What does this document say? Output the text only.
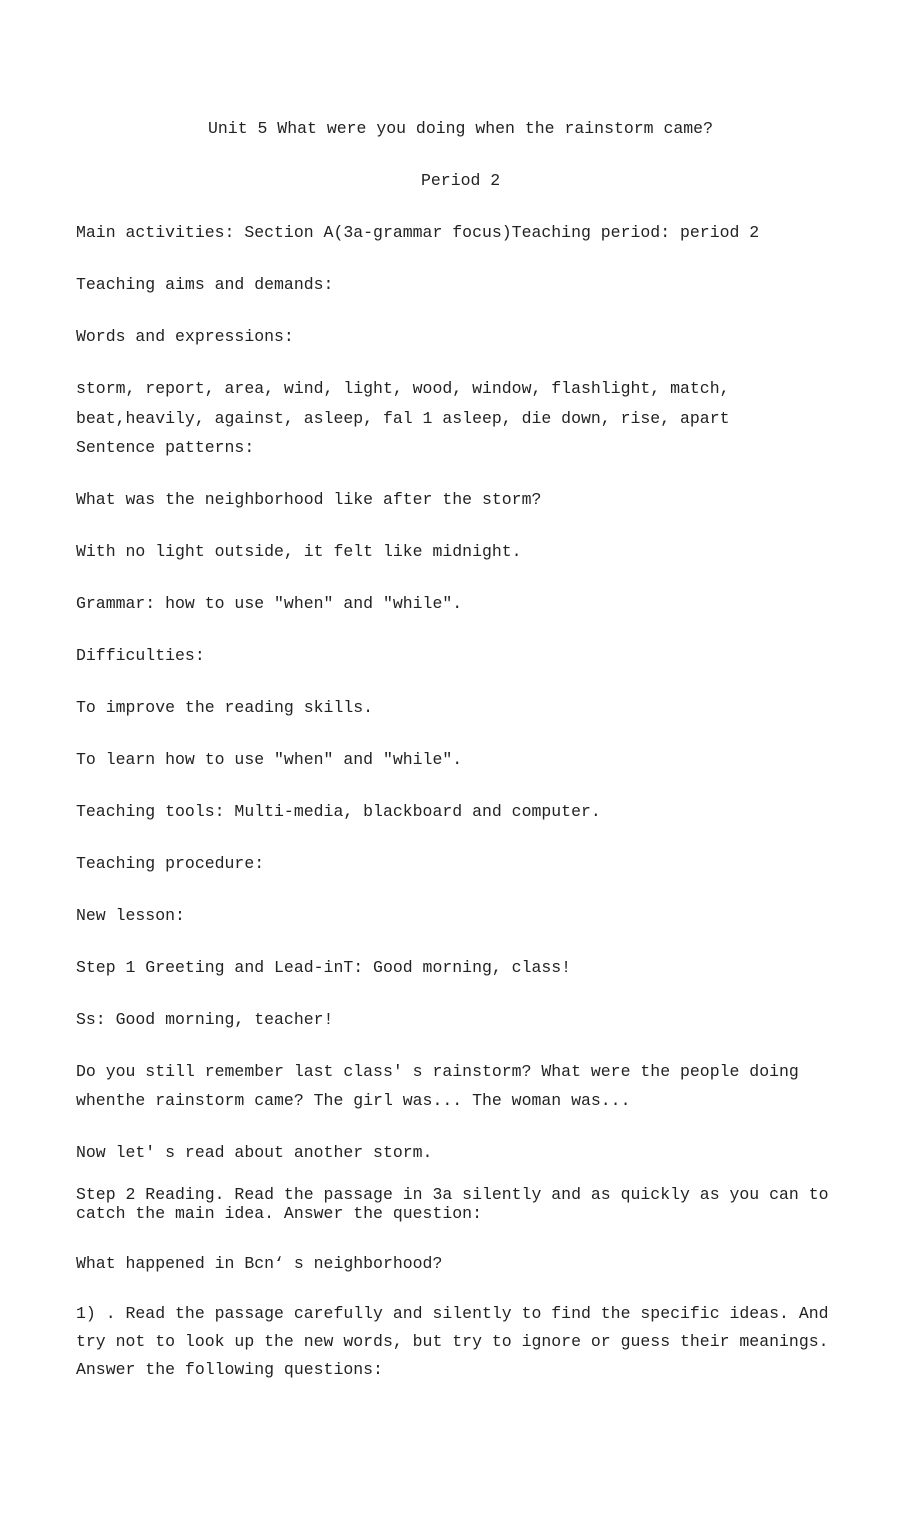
Unit 5 What were you doing when the rainstorm came?
Period 2
Main activities: Section A(3a-grammar focus)Teaching period: period 2
Teaching aims and demands:
Words and expressions:
storm, report, area, wind, light, wood, window, flashlight, match,
beat,heavily, against, asleep, fal 1 asleep, die down, rise, apart
Sentence patterns:
What was the neighborhood like after the storm?
With no light outside, it felt like midnight.
Grammar: how to use "when" and "while".
Difficulties:
To improve the reading skills.
To learn how to use "when" and "while".
Teaching tools: Multi-media, blackboard and computer.
Teaching procedure:
New lesson:
Step 1 Greeting and Lead-inT: Good morning, class!
Ss: Good morning, teacher!
Do you still remember last class' s rainstorm? What were the people doing
whenthe rainstorm came? The girl was... The woman was...
Now let' s read about another storm.
Step 2 Reading. Read the passage in 3a silently and as quickly as you can to
catch the main idea. Answer the question:
What happened in Bcn‘ s neighborhood?
1) . Read the passage carefully and silently to find the specific ideas. And
try not to look up the new words, but try to ignore or guess their meanings.
Answer the following questions:
